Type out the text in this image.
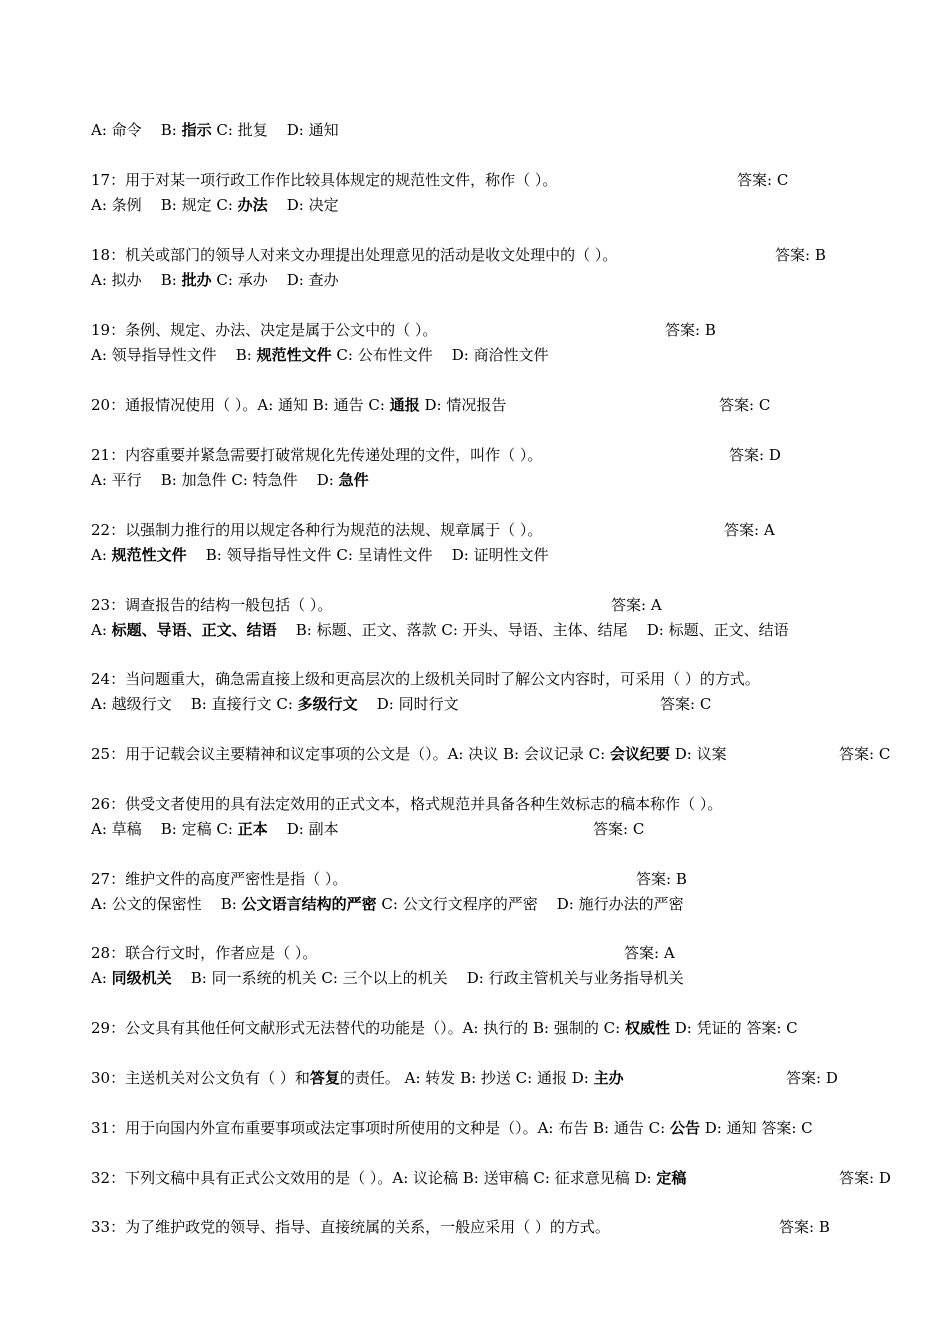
A: 命令    B: 指示 C: 批复    D: 通知
17：用于对某一项行政工作作比较具体规定的规范性文件，称作（ ）。	答案: C
A: 条例    B: 规定 C: 办法 D: 决定
18：机关或部门的领导人对来文办理提出处理意见的活动是收文处理中的（ ）。	答案: B
A: 拟办    B: 批办 C: 承办    D: 查办
19：条例、规定、办法、决定是属于公文中的（ ）。	答案: B
A: 领导指导性文件    B: 规范性文件 C: 公布性文件    D: 商洽性文件
20：通报情况使用（ ）。A: 通知 B: 通告 C: 通报 D: 情况报告	答案: C
21：内容重要并紧急需要打破常规化先传递处理的文件，叫作（ ）。	答案: D
A: 平行    B: 加急件 C: 特急件    D: 急件
22：以强制力推行的用以规定各种行为规范的法规、规章属于（ ）。	答案: A
A: 规范性文件 B: 领导指导性文件 C: 呈请性文件    D: 证明性文件
23：调查报告的结构一般包括（ ）。	答案: A
A: 标题、导语、正文、结语 B: 标题、正文、落款 C: 开头、导语、主体、结尾    D: 标题、正文、结语
24：当问题重大，确急需直接上级和更高层次的上级机关同时了解公文内容时，可采用（ ）的方式。
A: 越级行文    B: 直接行文 C: 多级行文 D: 同时行文	答案: C
25：用于记载会议主要精神和议定事项的公文是（）。A: 决议 B: 会议记录 C: 会议纪要 D: 议案	答案: C
26：供受文者使用的具有法定效用的正式文本，格式规范并具备各种生效标志的稿本称作（ ）。
A: 草稿    B: 定稿 C: 正本 D: 副本	答案: C
27：维护文件的高度严密性是指（ ）。	答案: B
A: 公文的保密性    B: 公文语言结构的严密 C: 公文行文程序的严密    D: 施行办法的严密
28：联合行文时，作者应是（ ）。	答案: A
A: 同级机关 B: 同一系统的机关 C: 三个以上的机关    D: 行政主管机关与业务指导机关
29：公文具有其他任何文献形式无法替代的功能是（）。A: 执行的 B: 强制的 C: 权威性 D: 凭证的 答案: C
30：主送机关对公文负有（ ）和答复的责任。 A: 转发 B: 抄送 C: 通报 D: 主办	答案: D
31：用于向国内外宣布重要事项或法定事项时所使用的文种是（）。A: 布告 B: 通告 C: 公告 D: 通知 答案: C
32：下列文稿中具有正式公文效用的是（ ）。A: 议论稿 B: 送审稿 C: 征求意见稿 D: 定稿	答案: D
33：为了维护政党的领导、指导、直接统属的关系，一般应采用（ ）的方式。	答案: B
